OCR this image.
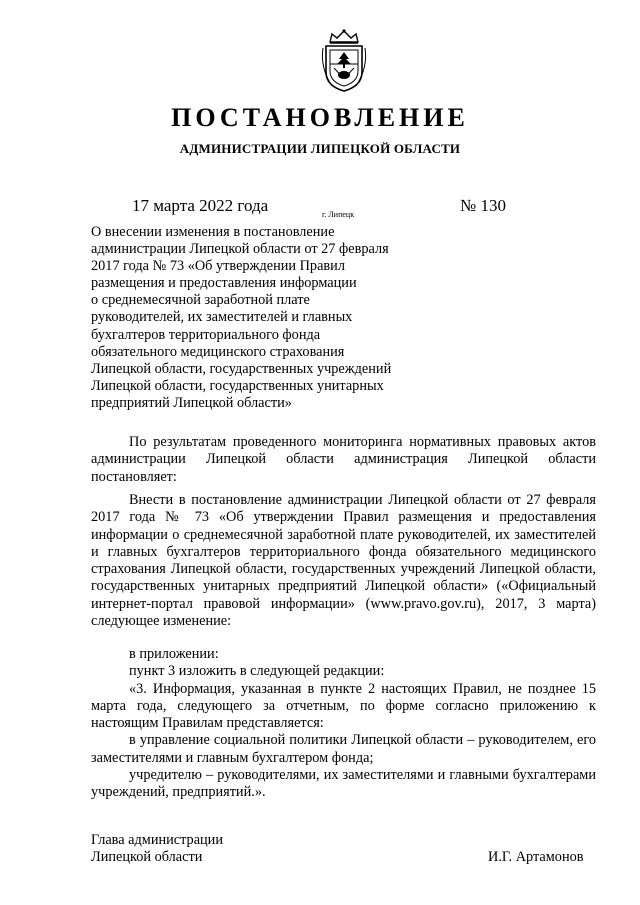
ПОСТАНОВЛЕНИЕ
АДМИНИСТРАЦИИ ЛИПЕЦКОЙ ОБЛАСТИ
17 марта 2022 года	г. Липецк	№ 130
О внесении изменения в постановление
администрации Липецкой области от 27 февраля
2017 года № 73 «Об утверждении Правил
размещения и предоставления информации
о среднемесячной заработной плате
руководителей, их заместителей и главных
бухгалтеров территориального фонда
обязательного медицинского страхования
Липецкой области, государственных учреждений
Липецкой области, государственных унитарных
предприятий Липецкой области»

По результатам проведенного мониторинга нормативных правовых актов администрации Липецкой области администрация Липецкой области постановляет:

Внести в постановление администрации Липецкой области от 27 февраля 2017 года № 73 «Об утверждении Правил размещения и предоставления информации о среднемесячной заработной плате руководителей, их заместителей и главных бухгалтеров территориального фонда обязательного медицинского страхования Липецкой области, государственных учреждений Липецкой области, государственных унитарных предприятий Липецкой области» («Официальный интернет-портал правовой информации» (www.pravo.gov.ru), 2017, 3 марта) следующее изменение:

в приложении:

пункт 3 изложить в следующей редакции:

«3. Информация, указанная в пункте 2 настоящих Правил, не позднее 15 марта года, следующего за отчетным, по форме согласно приложению к настоящим Правилам представляется:

в управление социальной политики Липецкой области – руководителем, его заместителями и главным бухгалтером фонда;

учредителю – руководителями, их заместителями и главными бухгалтерами учреждений, предприятий.».

Глава администрации
Липецкой области	И.Г. Артамонов
